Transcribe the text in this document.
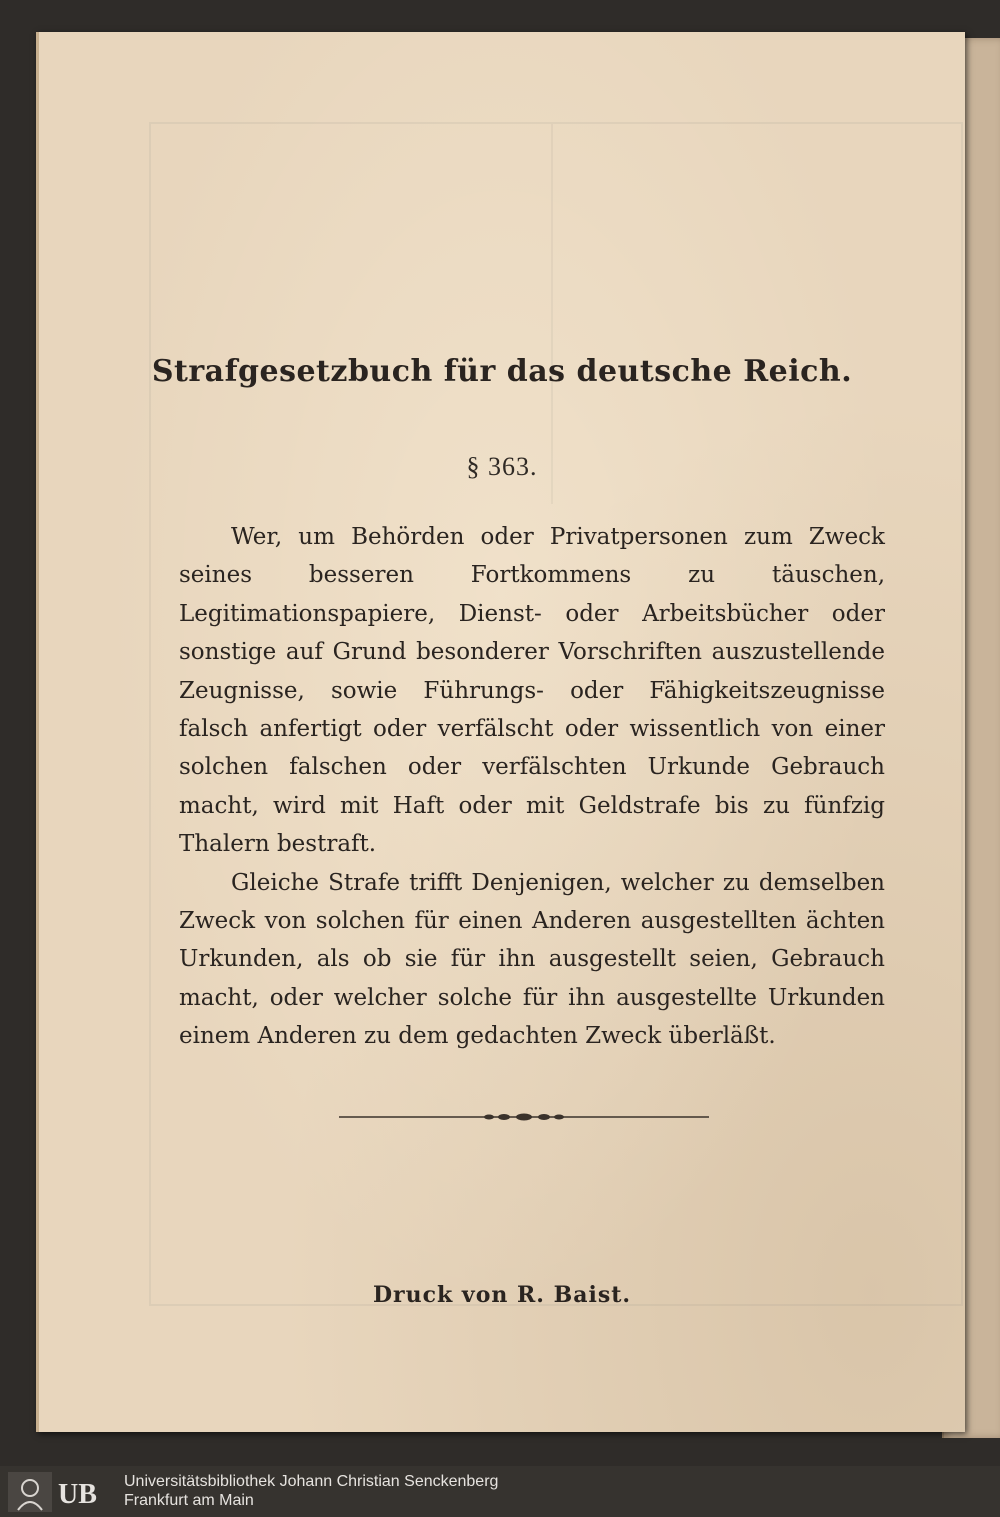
Strafgesetzbuch für das deutsche Reich.
§ 363.

Wer, um Behörden oder Privatpersonen zum Zweck seines besseren Fortkommens zu täuschen, Legitimationspapiere, Dienst- oder Arbeitsbücher oder sonstige auf Grund besonderer Vorschriften auszustellende Zeugnisse, sowie Führungs- oder Fähigkeitszeugnisse falsch anfertigt oder verfälscht oder wissentlich von einer solchen falschen oder verfälschten Urkunde Gebrauch macht, wird mit Haft oder mit Geldstrafe bis zu fünfzig Thalern bestraft.

Gleiche Strafe trifft Denjenigen, welcher zu demselben Zweck von solchen für einen Anderen ausgestellten ächten Urkunden, als ob sie für ihn ausgestellt seien, Gebrauch macht, oder welcher solche für ihn ausgestellte Urkunden einem Anderen zu dem gedachten Zweck überläßt.

Druck von R. Baist.
UB Universitätsbibliothek Johann Christian Senckenberg
Frankfurt am Main
